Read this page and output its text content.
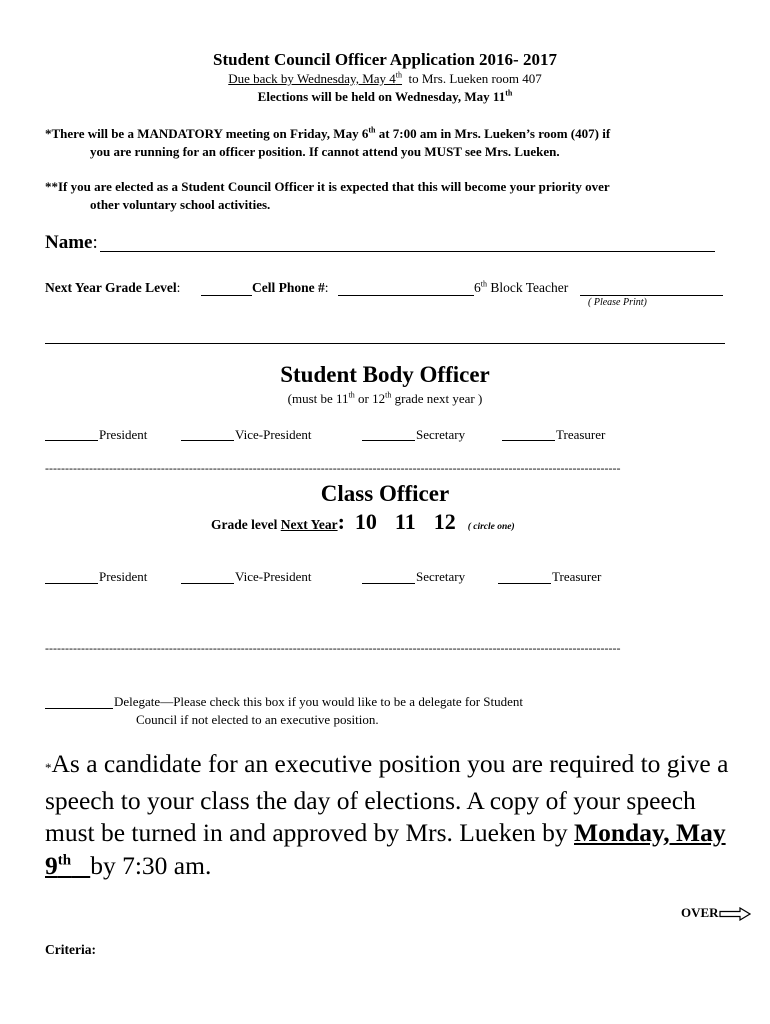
Student Council Officer Application 2016- 2017
Due back by Wednesday, May 4th  to Mrs. Lueken room 407
Elections will be held on Wednesday, May 11th
*There will be a MANDATORY meeting on Friday, May 6th at 7:00 am in Mrs. Lueken’s room (407) if
you are running for an officer position. If cannot attend you MUST see Mrs. Lueken.
**If you are elected as a Student Council Officer it is expected that this will become your priority over
other voluntary school activities.
Name:
Next Year Grade Level:	Cell Phone #:	6th Block Teacher
( Please Print)
Student Body Officer
(must be 11th or 12th grade next year )
President	Vice-President	Secretary	Treasurer
------------------------------------------------------------------------------------------------------------------------------------------------
Class Officer
Grade level Next Year: 10 11 12 ( circle one)
President	Vice-President	Secretary	Treasurer
------------------------------------------------------------------------------------------------------------------------------------------------
Delegate—Please check this box if you would like to be a delegate for Student
Council if not elected to an executive position.
*As a candidate for an executive position you are required to give a speech to your class the day of elections. A copy of your speech must be turned in and approved by Mrs. Lueken by Monday, May 9th by 7:30 am.
OVER
Criteria:
